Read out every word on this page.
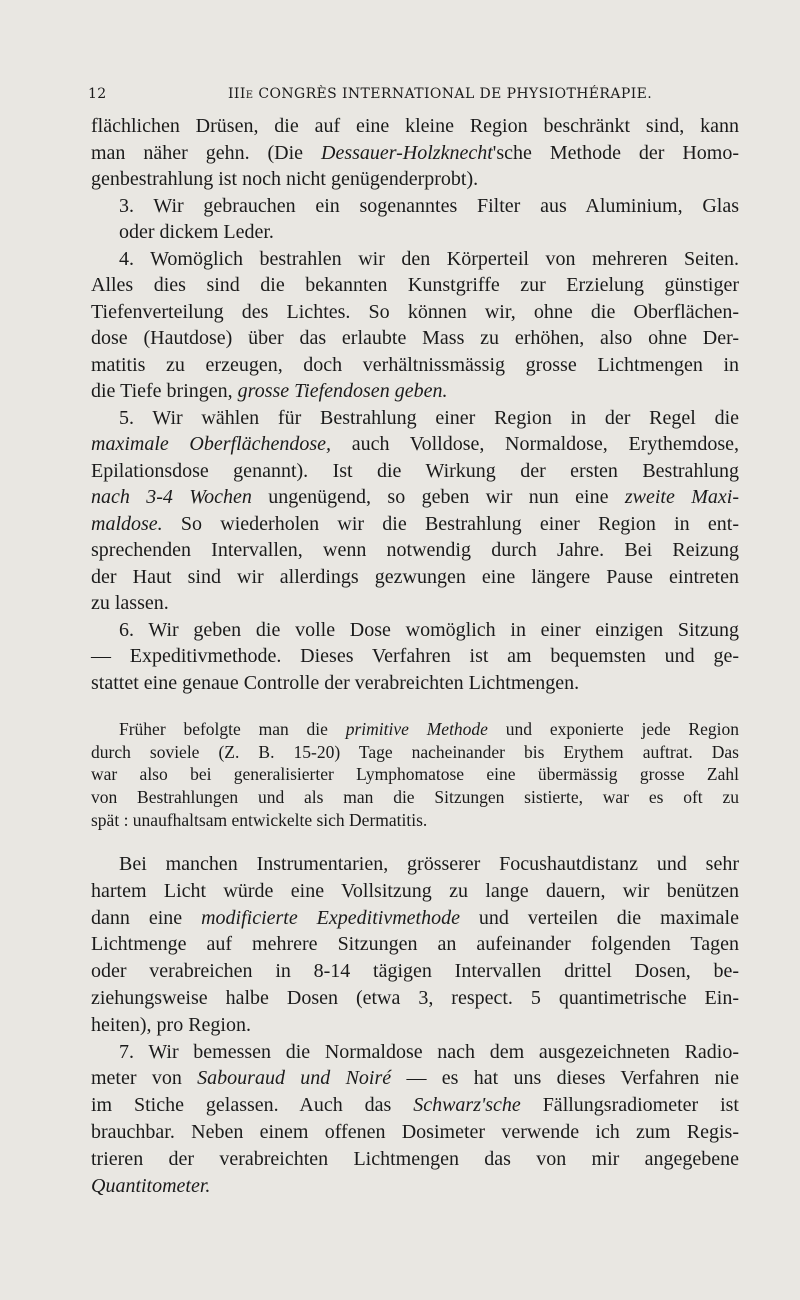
12	IIIe CONGRÈS INTERNATIONAL DE PHYSIOTHÉRAPIE.

flächlichen Drüsen, die auf eine kleine Region beschränkt sind, kann
man näher gehn. (Die Dessauer-Holzknecht'sche Methode der Homo-
genbestrahlung ist noch nicht genügenderprobt).

3. Wir gebrauchen ein sogenanntes Filter aus Aluminium, Glas
oder dickem Leder.

4. Womöglich bestrahlen wir den Körperteil von mehreren Seiten.
Alles dies sind die bekannten Kunstgriffe zur Erzielung günstiger
Tiefenverteilung des Lichtes. So können wir, ohne die Oberflächen-
dose (Hautdose) über das erlaubte Mass zu erhöhen, also ohne Der-
matitis zu erzeugen, doch verhältnissmässig grosse Lichtmengen in
die Tiefe bringen, grosse Tiefendosen geben.

5. Wir wählen für Bestrahlung einer Region in der Regel die
maximale Oberflächendose, auch Volldose, Normaldose, Erythemdose,
Epilationsdose genannt). Ist die Wirkung der ersten Bestrahlung
nach 3-4 Wochen ungenügend, so geben wir nun eine zweite Maxi-
maldose. So wiederholen wir die Bestrahlung einer Region in ent-
sprechenden Intervallen, wenn notwendig durch Jahre. Bei Reizung
der Haut sind wir allerdings gezwungen eine längere Pause eintreten
zu lassen.

6. Wir geben die volle Dose womöglich in einer einzigen Sitzung
— Expeditivmethode. Dieses Verfahren ist am bequemsten und ge-
stattet eine genaue Controlle der verabreichten Lichtmengen.

Früher befolgte man die primitive Methode und exponierte jede Region
durch soviele (Z. B. 15-20) Tage nacheinander bis Erythem auftrat. Das
war also bei generalisierter Lymphomatose eine übermässig grosse Zahl
von Bestrahlungen und als man die Sitzungen sistierte, war es oft zu
spät : unaufhaltsam entwickelte sich Dermatitis.

Bei manchen Instrumentarien, grösserer Focushautdistanz und sehr
hartem Licht würde eine Vollsitzung zu lange dauern, wir benützen
dann eine modificierte Expeditivmethode und verteilen die maximale
Lichtmenge auf mehrere Sitzungen an aufeinander folgenden Tagen
oder verabreichen in 8-14 tägigen Intervallen drittel Dosen, be-
ziehungsweise halbe Dosen (etwa 3, respect. 5 quantimetrische Ein-
heiten), pro Region.

7. Wir bemessen die Normaldose nach dem ausgezeichneten Radio-
meter von Sabouraud und Noiré — es hat uns dieses Verfahren nie
im Stiche gelassen. Auch das Schwarz'sche Fällungsradiometer ist
brauchbar. Neben einem offenen Dosimeter verwende ich zum Regis-
trieren der verabreichten Lichtmengen das von mir angegebene
Quantitometer.
